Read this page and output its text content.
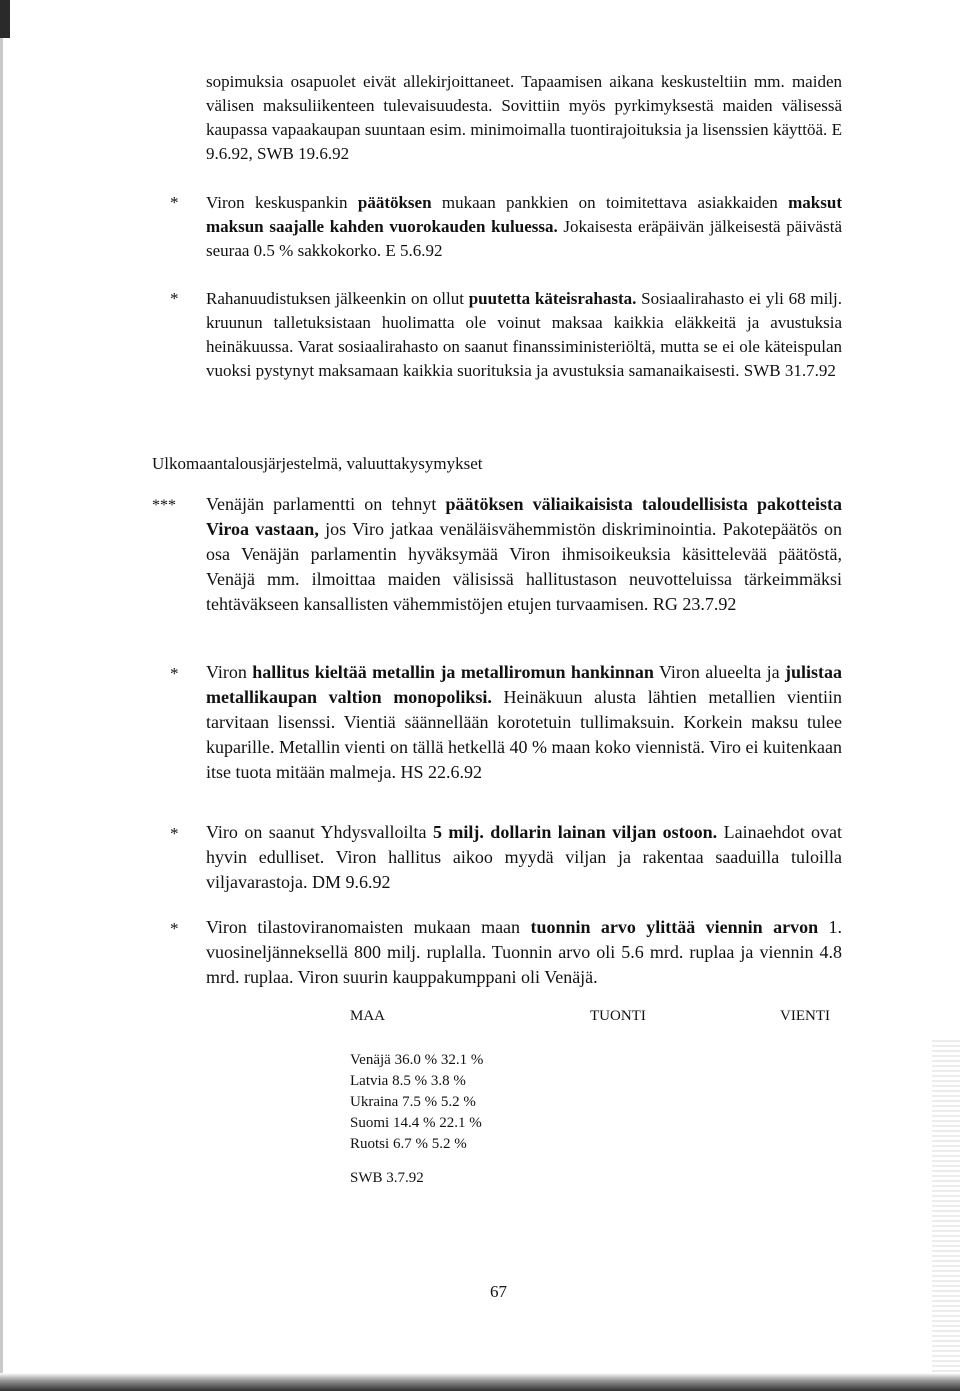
sopimuksia osapuolet eivät allekirjoittaneet. Tapaamisen aikana keskusteltiin mm. maiden välisen maksuliikenteen tulevaisuudesta. Sovittiin myös pyrkimyksestä maiden välisessä kaupassa vapaakaupan suuntaan esim. minimoimalla tuontirajoituksia ja lisenssien käyttöä. E 9.6.92, SWB 19.6.92

* Viron keskuspankin päätöksen mukaan pankkien on toimitettava asiakkaiden maksut maksun saajalle kahden vuorokauden kuluessa. Jokaisesta eräpäivän jälkeisestä päivästä seuraa 0.5 % sakkokorko. E 5.6.92

* Rahanuudistuksen jälkeenkin on ollut puutetta käteisrahasta. Sosiaalirahasto ei yli 68 milj. kruunun talletuksistaan huolimatta ole voinut maksaa kaikkia eläkkeitä ja avustuksia heinäkuussa. Varat sosiaalirahasto on saanut finanssiministeriöltä, mutta se ei ole käteispulan vuoksi pystynyt maksamaan kaikkia suorituksia ja avustuksia samanaikaisesti. SWB 31.7.92

Ulkomaantalousjärjestelmä, valuuttakysymykset
*** Venäjän parlamentti on tehnyt päätöksen väliaikaisista taloudellisista pakotteista Viroa vastaan, jos Viro jatkaa venäläisvähemmistön diskriminointia. Pakotepäätös on osa Venäjän parlamentin hyväksymää Viron ihmisoikeuksia käsittelevää päätöstä, Venäjä mm. ilmoittaa maiden välisissä hallitustason neuvotteluissa tärkeimmäksi tehtäväkseen kansallisten vähemmistöjen etujen turvaamisen. RG 23.7.92

* Viron hallitus kieltää metallin ja metalliromun hankinnan Viron alueelta ja julistaa metallikaupan valtion monopoliksi. Heinäkuun alusta lähtien metallien vientiin tarvitaan lisenssi. Vientiä säännellään korotetuin tullimaksuin. Korkein maksu tulee kuparille. Metallin vienti on tällä hetkellä 40 % maan koko viennistä. Viro ei kuitenkaan itse tuota mitään malmeja. HS 22.6.92

* Viro on saanut Yhdysvalloilta 5 milj. dollarin lainan viljan ostoon. Lainaehdot ovat hyvin edulliset. Viron hallitus aikoo myydä viljan ja rakentaa saaduilla tuloilla viljavarastoja. DM 9.6.92

* Viron tilastoviranomaisten mukaan maan tuonnin arvo ylittää viennin arvon 1. vuosineljänneksellä 800 milj. ruplalla. Tuonnin arvo oli 5.6 mrd. ruplaa ja viennin 4.8 mrd. ruplaa. Viron suurin kauppakumppani oli Venäjä.

MAA	TUONTI	VIENTI
Venäjä 36.0 % 32.1 %
Latvia 8.5 % 3.8 %
Ukraina 7.5 % 5.2 %
Suomi 14.4 % 22.1 %
Ruotsi 6.7 % 5.2 %
SWB 3.7.92
67
